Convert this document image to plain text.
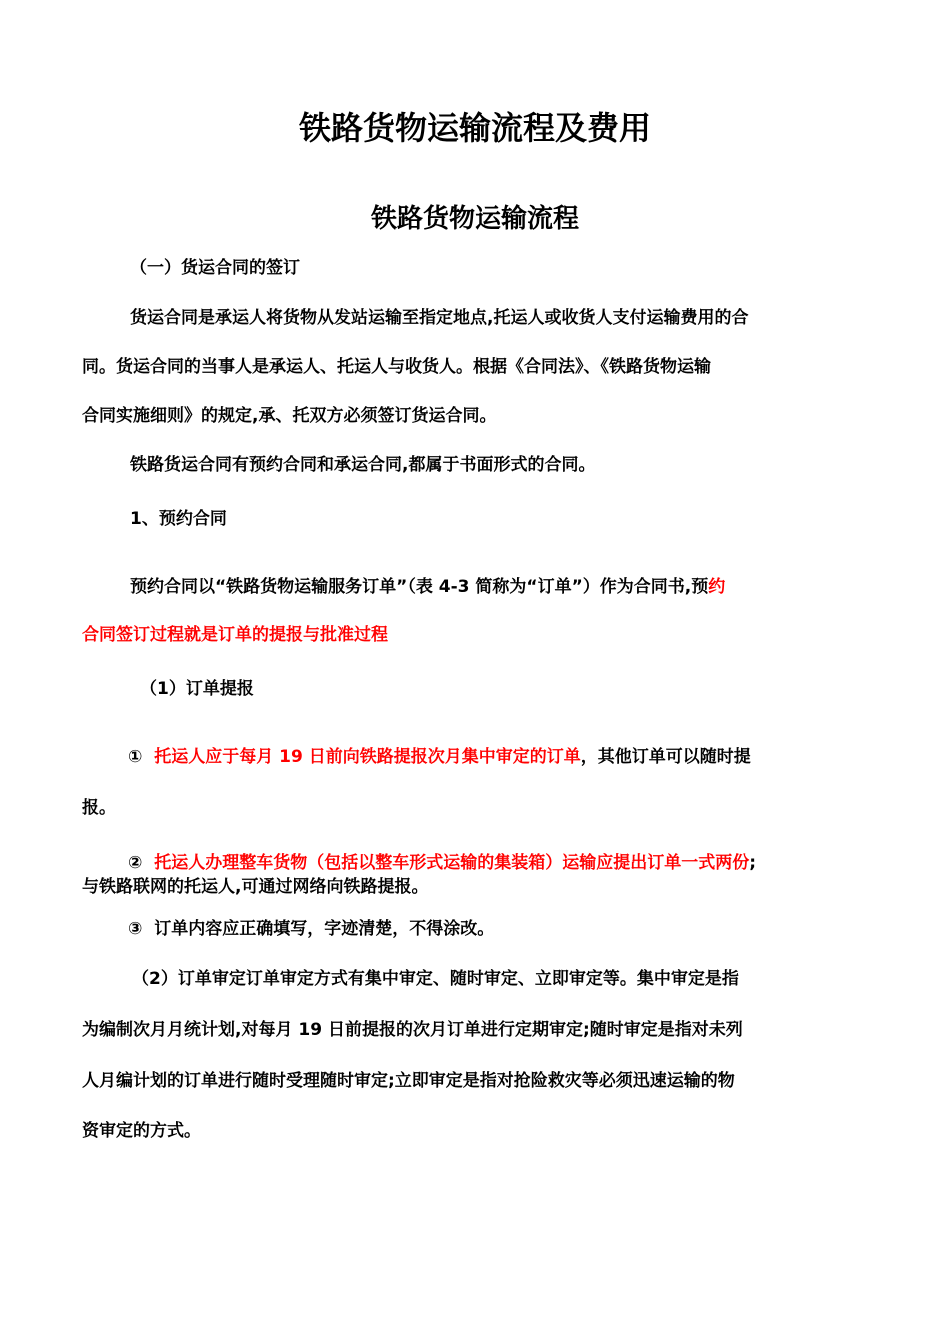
铁路货物运输流程及费用
铁路货物运输流程
（一）货运合同的签订
货运合同是承运人将货物从发站运输至指定地点,托运人或收货人支付运输费用的合
同。货运合同的当事人是承运人、托运人与收货人。根据《合同法》、《铁路货物运输
合同实施细则》的规定,承、托双方必须签订货运合同。
铁路货运合同有预约合同和承运合同,都属于书面形式的合同。
1、预约合同
预约合同以“铁路货物运输服务订单”（表 4-3 简称为“订单”）作为合同书,预约
合同签订过程就是订单的提报与批准过程
（1）订单提报
① 托运人应于每月 19 日前向铁路提报次月集中审定的订单，其他订单可以随时提
报。
② 托运人办理整车货物（包括以整车形式运输的集装箱）运输应提出订单一式两份;
与铁路联网的托运人,可通过网络向铁路提报。
③ 订单内容应正确填写，字迹清楚，不得涂改。
（2）订单审定订单审定方式有集中审定、随时审定、立即审定等。集中审定是指
为编制次月月统计划,对每月 19 日前提报的次月订单进行定期审定;随时审定是指对未列
人月编计划的订单进行随时受理随时审定;立即审定是指对抢险救灾等必须迅速运输的物
资审定的方式。
